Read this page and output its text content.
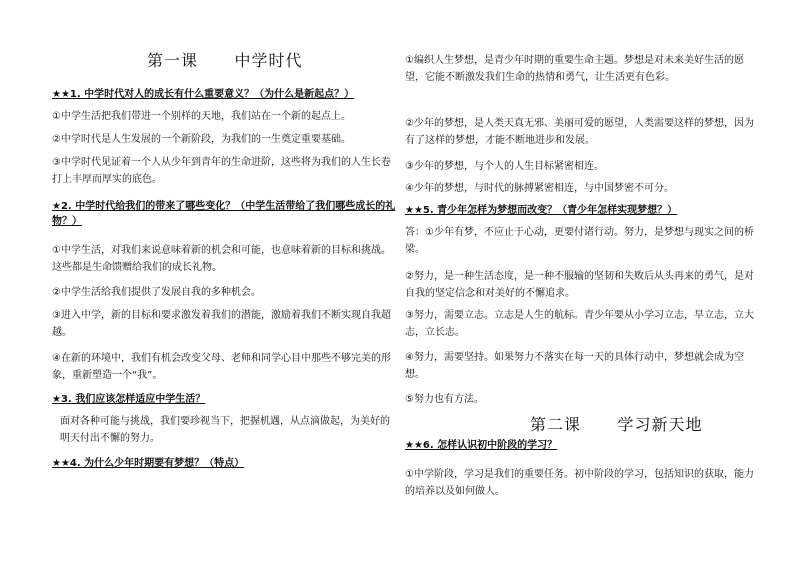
第一课      中学时代
★★1. 中学时代对人的成长有什么重要意义？（为什么是新起点？）
①中学生活把我们带进一个别样的天地，我们站在一个新的起点上。
②中学时代是人生发展的一个新阶段，为我们的一生奠定重要基础。
③中学时代见证着一个人从少年到青年的生命进阶，这些将为我们的人生长卷打上丰厚而厚实的底色。
★2. 中学时代给我们的带来了哪些变化？（中学生活带给了我们哪些成长的礼物？）
①中学生活，对我们来说意味着新的机会和可能，也意味着新的目标和挑战。这些都是生命馈赠给我们的成长礼物。
②中学生活给我们提供了发展自我的多种机会。
③进入中学，新的目标和要求激发着我们的潜能，激励着我们不断实现自我超越。
④在新的环境中，我们有机会改变父母、老师和同学心目中那些不够完美的形象，重新塑造一个“我”。
★3. 我们应该怎样适应中学生活？
面对各种可能与挑战，我们要珍视当下，把握机遇，从点滴做起，为美好的明天付出不懈的努力。
★★4. 为什么少年时期要有梦想？（特点）
①编织人生梦想，是青少年时期的重要生命主题。梦想是对未来美好生活的愿望，它能不断激发我们生命的热情和勇气，让生活更有色彩。
②少年的梦想，是人类天真无邪、美丽可爱的愿望，人类需要这样的梦想，因为有了这样的梦想，才能不断地进步和发展。
③少年的梦想，与个人的人生目标紧密相连。
④少年的梦想，与时代的脉搏紧密相连，与中国梦密不可分。
★★5. 青少年怎样为梦想而改变？（青少年怎样实现梦想？）
答：①少年有梦，不应止于心动，更要付诸行动。努力，是梦想与现实之间的桥梁。
②努力，是一种生活态度，是一种不服输的坚韧和失败后从头再来的勇气，是对自我的坚定信念和对美好的不懈追求。
③努力，需要立志。立志是人生的航标。青少年要从小学习立志，早立志，立大志，立长志。
④努力，需要坚持。如果努力不落实在每一天的具体行动中，梦想就会成为空想。
⑤努力也有方法。
第二课      学习新天地
★★6. 怎样认识初中阶段的学习？
①中学阶段，学习是我们的重要任务。初中阶段的学习，包括知识的获取，能力的培养以及如何做人。
